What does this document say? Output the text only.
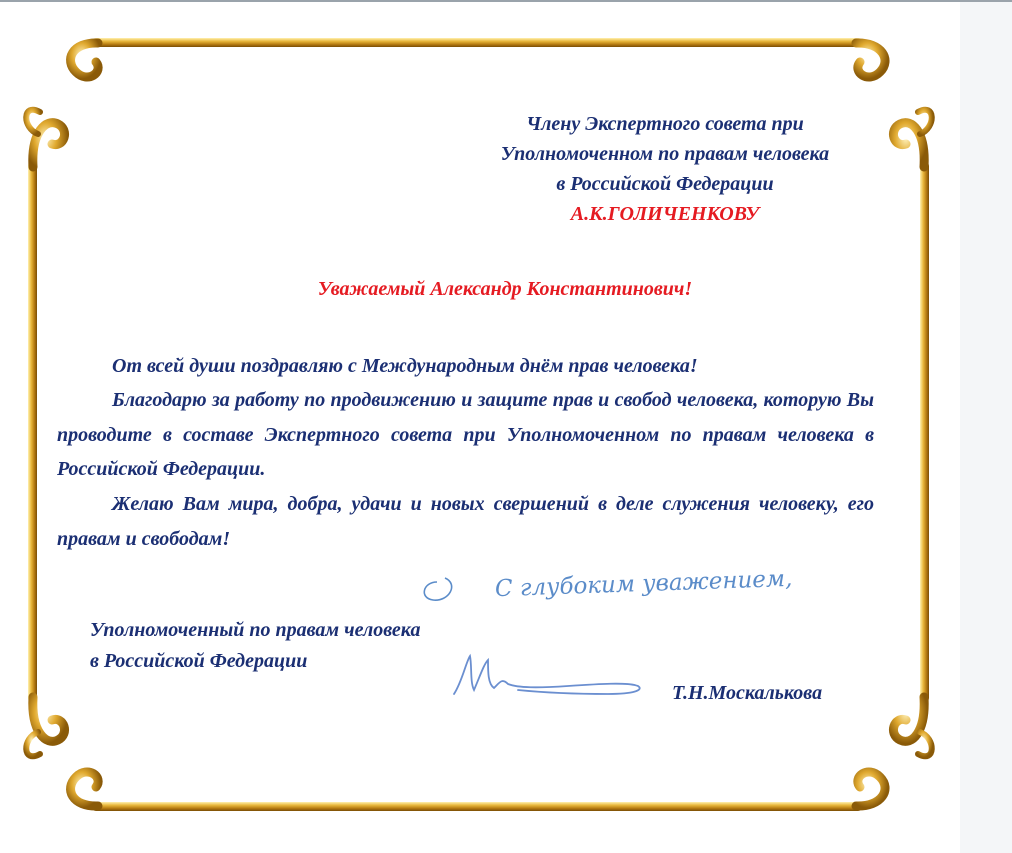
Члену Экспертного совета при

Уполномоченном по правам человека

в Российской Федерации

А.К.ГОЛИЧЕНКОВУ

Уважаемый Александр Константинович!

От всей души поздравляю с Международным днём прав человека!

Благодарю за работу по продвижению и защите прав и свобод человека, которую Вы проводите в составе Экспертного совета при Уполномоченном по правам человека в Российской Федерации.

Желаю Вам мира, добра, удачи и новых свершений в деле служения человеку, его правам и свободам!

С глубоким уважением,

Уполномоченный по правам человека

в Российской Федерации

Т.Н.Москалькова
